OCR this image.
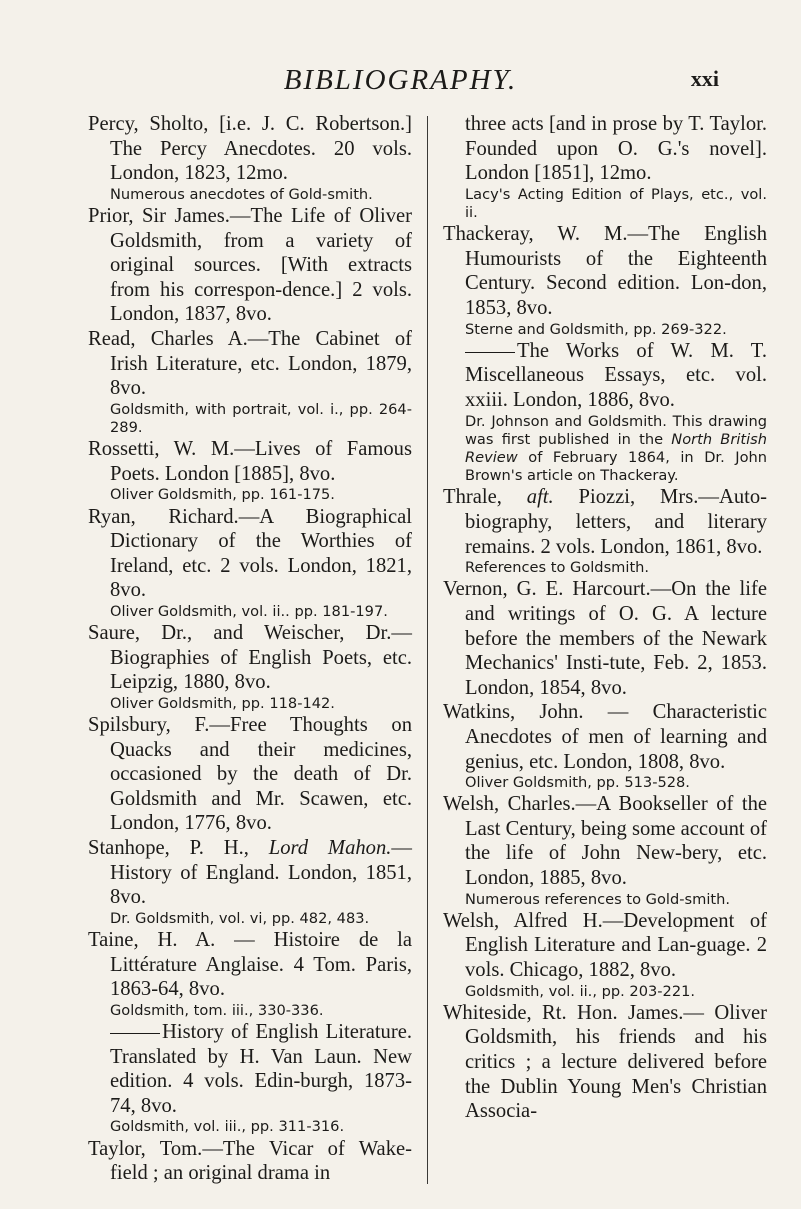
BIBLIOGRAPHY.	xxi

Percy, Sholto, [i.e. J. C. Robertson.] The Percy Anecdotes. 20 vols. London, 1823, 12mo.

Numerous anecdotes of Gold-smith.

Prior, Sir James.—The Life of Oliver Goldsmith, from a variety of original sources. [With extracts from his correspon-dence.] 2 vols. London, 1837, 8vo.

Read, Charles A.—The Cabinet of Irish Literature, etc. London, 1879, 8vo.

Goldsmith, with portrait, vol. i., pp. 264-289.

Rossetti, W. M.—Lives of Famous Poets. London [1885], 8vo.

Oliver Goldsmith, pp. 161-175.

Ryan, Richard.—A Biographical Dictionary of the Worthies of Ireland, etc. 2 vols. London, 1821, 8vo.

Oliver Goldsmith, vol. ii.. pp. 181-197.

Saure, Dr., and Weischer, Dr.— Biographies of English Poets, etc. Leipzig, 1880, 8vo.

Oliver Goldsmith, pp. 118-142.

Spilsbury, F.—Free Thoughts on Quacks and their medicines, occasioned by the death of Dr. Goldsmith and Mr. Scawen, etc. London, 1776, 8vo.

Stanhope, P. H., Lord Mahon.— History of England. London, 1851, 8vo.

Dr. Goldsmith, vol. vi, pp. 482, 483.

Taine, H. A. — Histoire de la Littérature Anglaise. 4 Tom. Paris, 1863-64, 8vo.

Goldsmith, tom. iii., 330-336.

History of English Literature. Translated by H. Van Laun. New edition. 4 vols. Edin-burgh, 1873-74, 8vo.

Goldsmith, vol. iii., pp. 311-316.

Taylor, Tom.—The Vicar of Wake-field ; an original drama in

three acts [and in prose by T. Taylor. Founded upon O. G.'s novel]. London [1851], 12mo.

Lacy's Acting Edition of Plays, etc., vol. ii.

Thackeray, W. M.—The English Humourists of the Eighteenth Century. Second edition. Lon-don, 1853, 8vo.

Sterne and Goldsmith, pp. 269-322.

The Works of W. M. T. Miscellaneous Essays, etc. vol. xxiii. London, 1886, 8vo.

Dr. Johnson and Goldsmith. This drawing was first published in the North British Review of February 1864, in Dr. John Brown's article on Thackeray.

Thrale, aft. Piozzi, Mrs.—Auto-biography, letters, and literary remains. 2 vols. London, 1861, 8vo.

References to Goldsmith.

Vernon, G. E. Harcourt.—On the life and writings of O. G. A lecture before the members of the Newark Mechanics' Insti-tute, Feb. 2, 1853. London, 1854, 8vo.

Watkins, John. — Characteristic Anecdotes of men of learning and genius, etc. London, 1808, 8vo.

Oliver Goldsmith, pp. 513-528.

Welsh, Charles.—A Bookseller of the Last Century, being some account of the life of John New-bery, etc. London, 1885, 8vo.

Numerous references to Gold-smith.

Welsh, Alfred H.—Development of English Literature and Lan-guage. 2 vols. Chicago, 1882, 8vo.

Goldsmith, vol. ii., pp. 203-221.

Whiteside, Rt. Hon. James.— Oliver Goldsmith, his friends and his critics ; a lecture delivered before the Dublin Young Men's Christian Associa-
